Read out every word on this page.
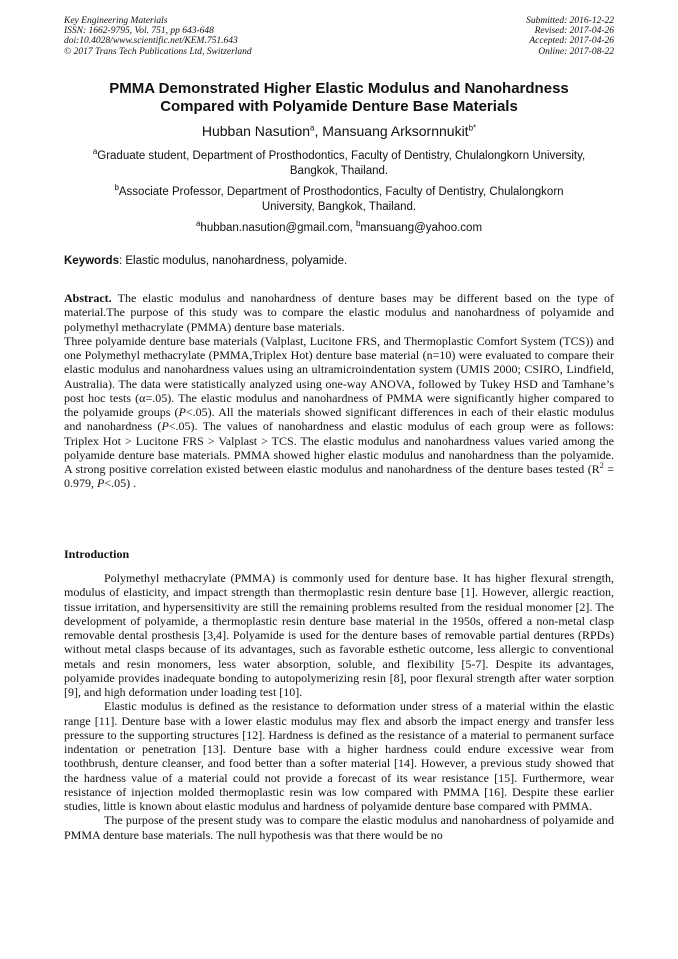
Key Engineering Materials
ISSN: 1662-9795, Vol. 751, pp 643-648
doi:10.4028/www.scientific.net/KEM.751.643
© 2017 Trans Tech Publications Ltd, Switzerland
Submitted: 2016-12-22
Revised: 2017-04-26
Accepted: 2017-04-26
Online: 2017-08-22
PMMA Demonstrated Higher Elastic Modulus and Nanohardness
Compared with Polyamide Denture Base Materials
Hubban Nasution$^a$, Mansuang Arksornnukit$^{b*}$
$^a$Graduate student, Department of Prosthodontics, Faculty of Dentistry, Chulalongkorn University,
Bangkok, Thailand.
$^b$Associate Professor, Department of Prosthodontics, Faculty of Dentistry, Chulalongkorn
University, Bangkok, Thailand.
$^a$hubban.nasution@gmail.com, $^b$mansuang@yahoo.com
Keywords: Elastic modulus, nanohardness, polyamide.

Abstract. The elastic modulus and nanohardness of denture bases may be different based on the type of material.The purpose of this study was to compare the elastic modulus and nanohardness of polyamide and polymethyl methacrylate (PMMA) denture base materials.

Three polyamide denture base materials (Valplast, Lucitone FRS, and Thermoplastic Comfort System (TCS)) and one Polymethyl methacrylate (PMMA,Triplex Hot) denture base material (n=10) were evaluated to compare their elastic modulus and nanohardness values using an ultramicroindentation system (UMIS 2000; CSIRO, Lindfield, Australia). The data were statistically analyzed using one-way ANOVA, followed by Tukey HSD and Tamhane’s post hoc tests (α=.05). The elastic modulus and nanohardness of PMMA were significantly higher compared to the polyamide groups (P<.05). All the materials showed significant differences in each of their elastic modulus and nanohardness (P<.05). The values of nanohardness and elastic modulus of each group were as follows: Triplex Hot > Lucitone FRS > Valplast > TCS. The elastic modulus and nanohardness values varied among the polyamide denture base materials. PMMA showed higher elastic modulus and nanohardness than the polyamide. A strong positive correlation existed between elastic modulus and nanohardness of the denture bases tested ($R^2 = 0.979$, P<.05) .

Introduction

Polymethyl methacrylate (PMMA) is commonly used for denture base. It has higher flexural strength, modulus of elasticity, and impact strength than thermoplastic resin denture base [1]. However, allergic reaction, tissue irritation, and hypersensitivity are still the remaining problems resulted from the residual monomer [2]. The development of polyamide, a thermoplastic resin denture base material in the 1950s, offered a non-metal clasp removable dental prosthesis [3,4]. Polyamide is used for the denture bases of removable partial dentures (RPDs) without metal clasps because of its advantages, such as favorable esthetic outcome, less allergic to conventional metals and resin monomers, less water absorption, soluble, and flexibility [5-7]. Despite its advantages, polyamide provides inadequate bonding to autopolymerizing resin [8], poor flexural strength after water sorption [9], and high deformation under loading test [10].

Elastic modulus is defined as the resistance to deformation under stress of a material within the elastic range [11]. Denture base with a lower elastic modulus may flex and absorb the impact energy and transfer less pressure to the supporting structures [12]. Hardness is defined as the resistance of a material to permanent surface indentation or penetration [13]. Denture base with a higher hardness could endure excessive wear from toothbrush, denture cleanser, and food better than a softer material [14]. However, a previous study showed that the hardness value of a material could not provide a forecast of its wear resistance [15]. Furthermore, wear resistance of injection molded thermoplastic resin was low compared with PMMA [16]. Despite these earlier studies, little is known about elastic modulus and hardness of polyamide denture base compared with PMMA.

The purpose of the present study was to compare the elastic modulus and nanohardness of polyamide and PMMA denture base materials. The null hypothesis was that there would be no
